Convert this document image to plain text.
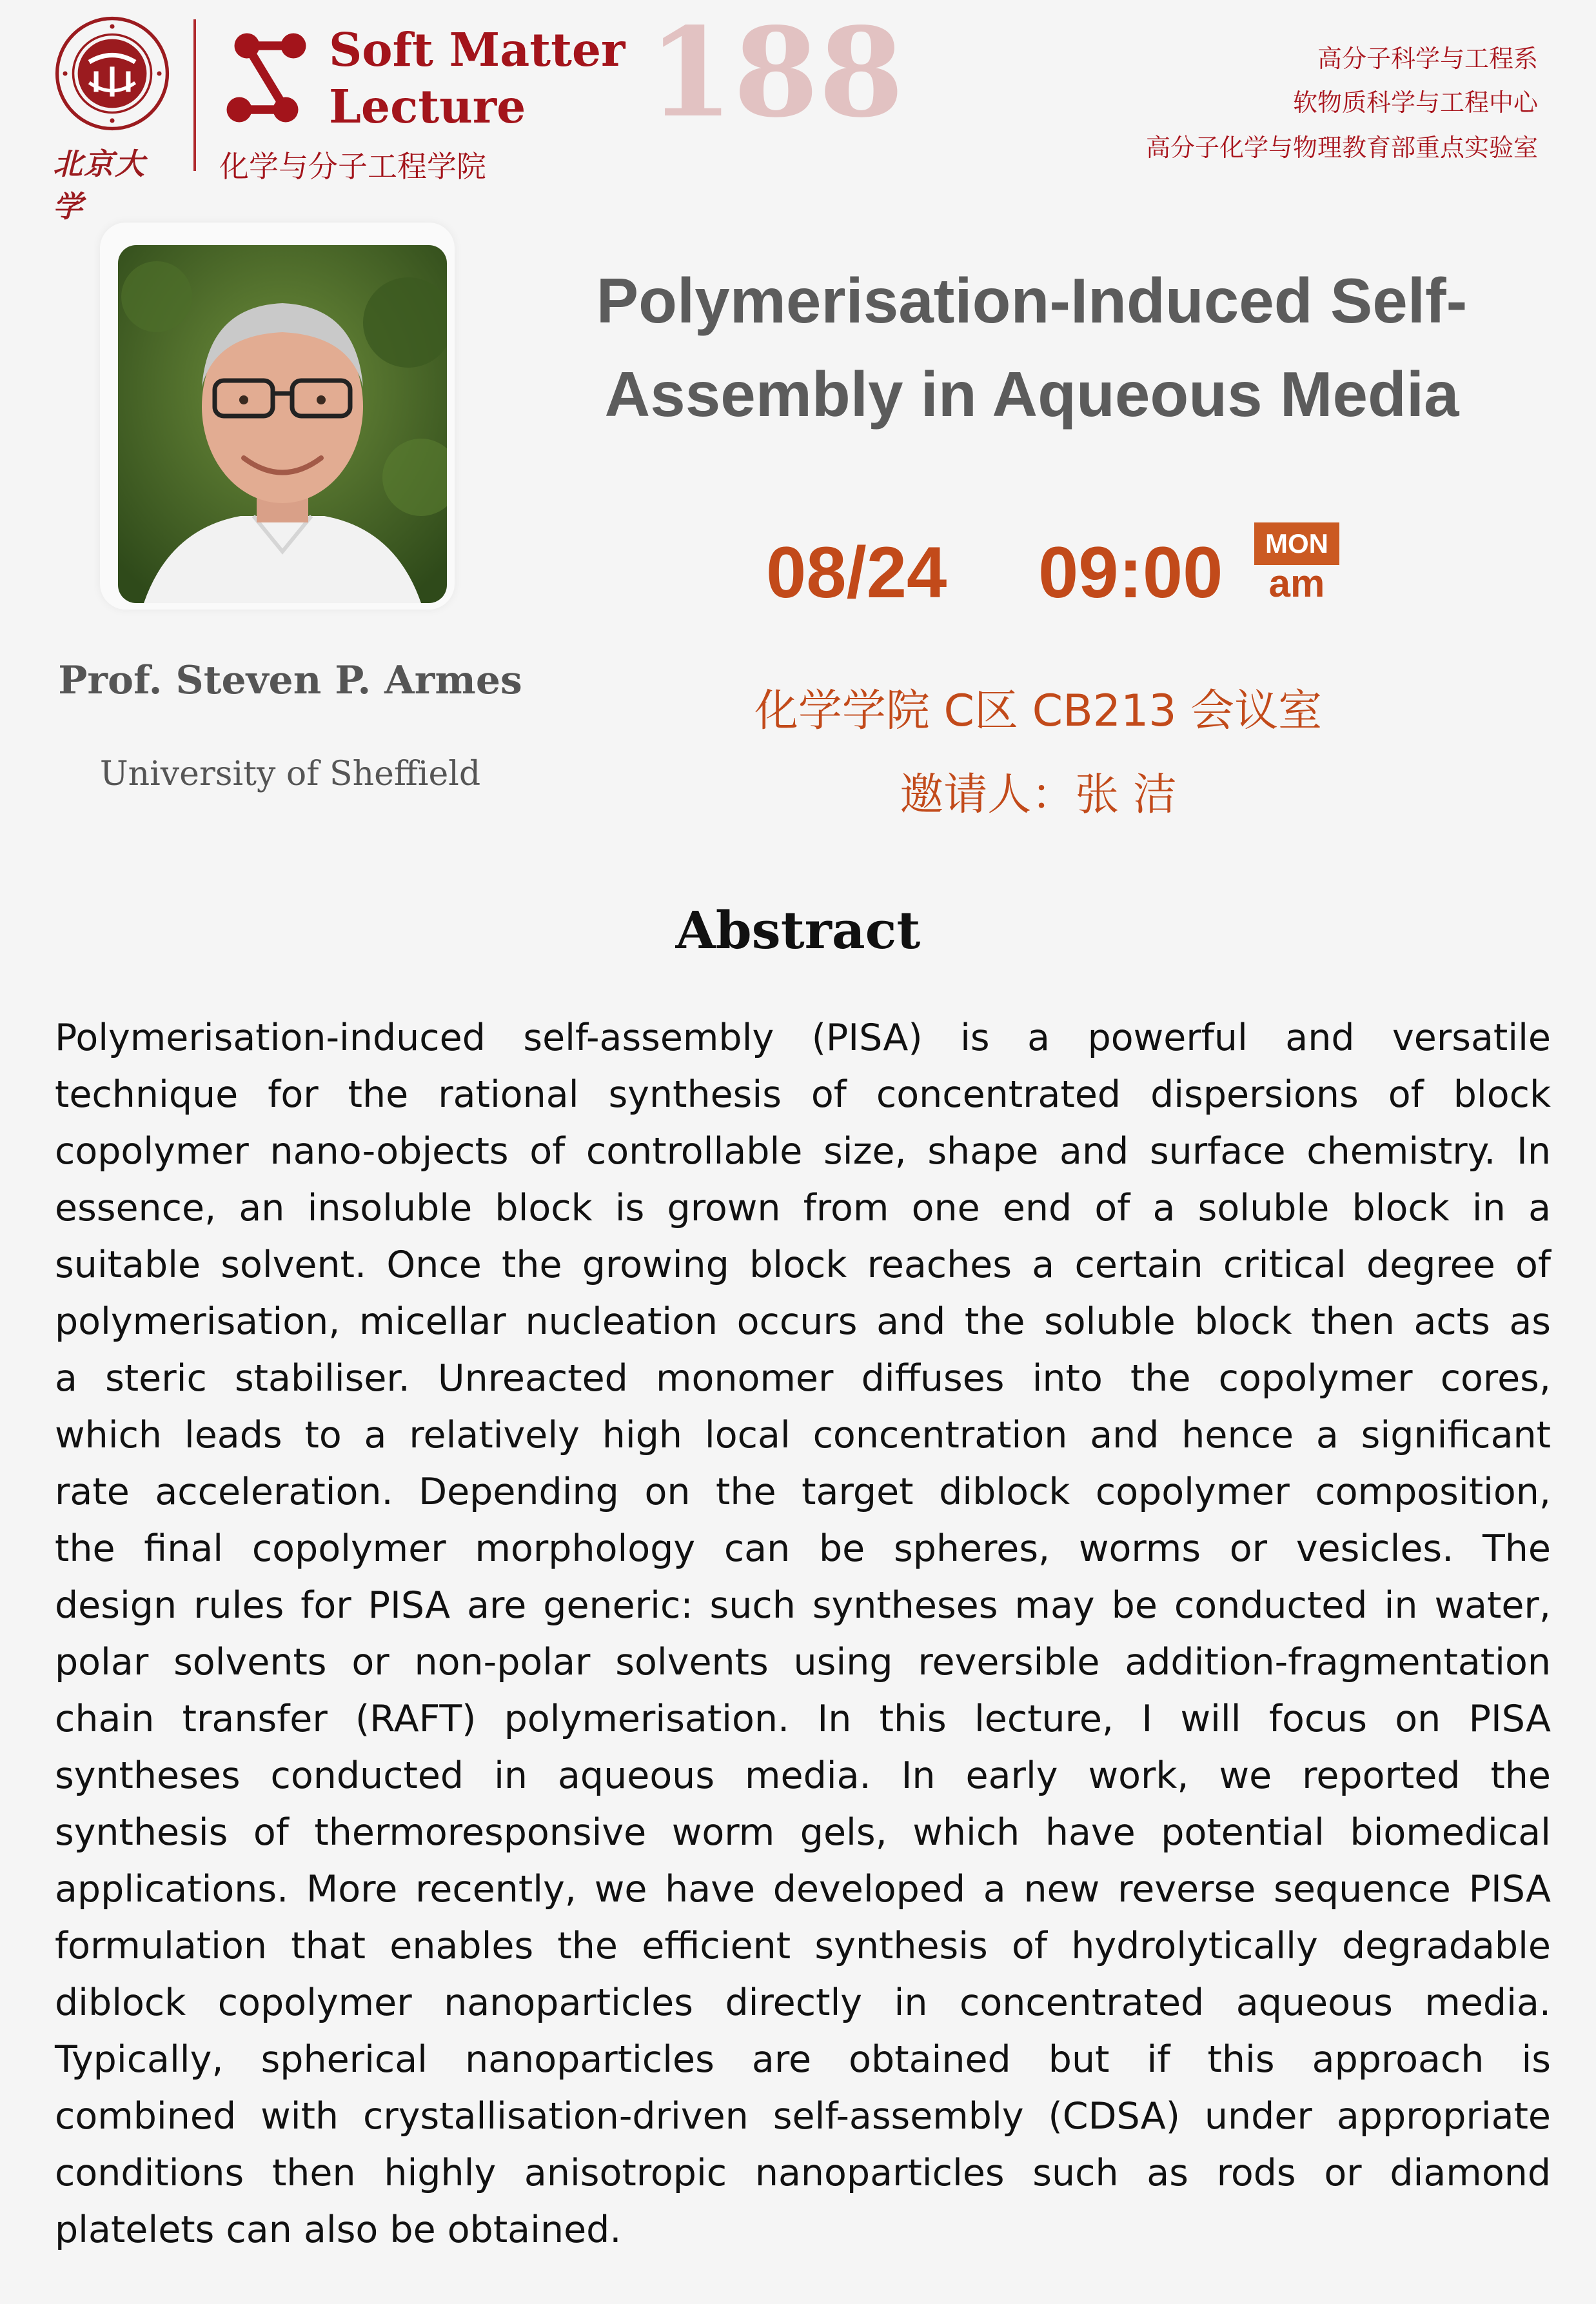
北京大学
Soft Matter
Lecture
化学与分子工程学院
188	高分子科学与工程系
软物质科学与工程中心
高分子化学与物理教育部重点实验室
Prof. Steven P. Armes
University of Sheffield
Polymerisation-Induced Self-
Assembly in Aqueous Media
08/24 09:00	MON
am
化学学院 C区 CB213 会议室
邀请人：张 洁
Abstract
Polymerisation-induced self-assembly (PISA) is a powerful and versatile
technique for the rational synthesis of concentrated dispersions of block
copolymer nano-objects of controllable size, shape and surface chemistry. In
essence, an insoluble block is grown from one end of a soluble block in a
suitable solvent. Once the growing block reaches a certain critical degree of
polymerisation, micellar nucleation occurs and the soluble block then acts as
a steric stabiliser. Unreacted monomer diffuses into the copolymer cores,
which leads to a relatively high local concentration and hence a significant
rate acceleration. Depending on the target diblock copolymer composition,
the final copolymer morphology can be spheres, worms or vesicles. The
design rules for PISA are generic: such syntheses may be conducted in water,
polar solvents or non-polar solvents using reversible addition-fragmentation
chain transfer (RAFT) polymerisation. In this lecture, I will focus on PISA
syntheses conducted in aqueous media. In early work, we reported the
synthesis of thermoresponsive worm gels, which have potential biomedical
applications. More recently, we have developed a new reverse sequence PISA
formulation that enables the efficient synthesis of hydrolytically degradable
diblock copolymer nanoparticles directly in concentrated aqueous media.
Typically, spherical nanoparticles are obtained but if this approach is
combined with crystallisation-driven self-assembly (CDSA) under appropriate
conditions then highly anisotropic nanoparticles such as rods or diamond
platelets can also be obtained.
